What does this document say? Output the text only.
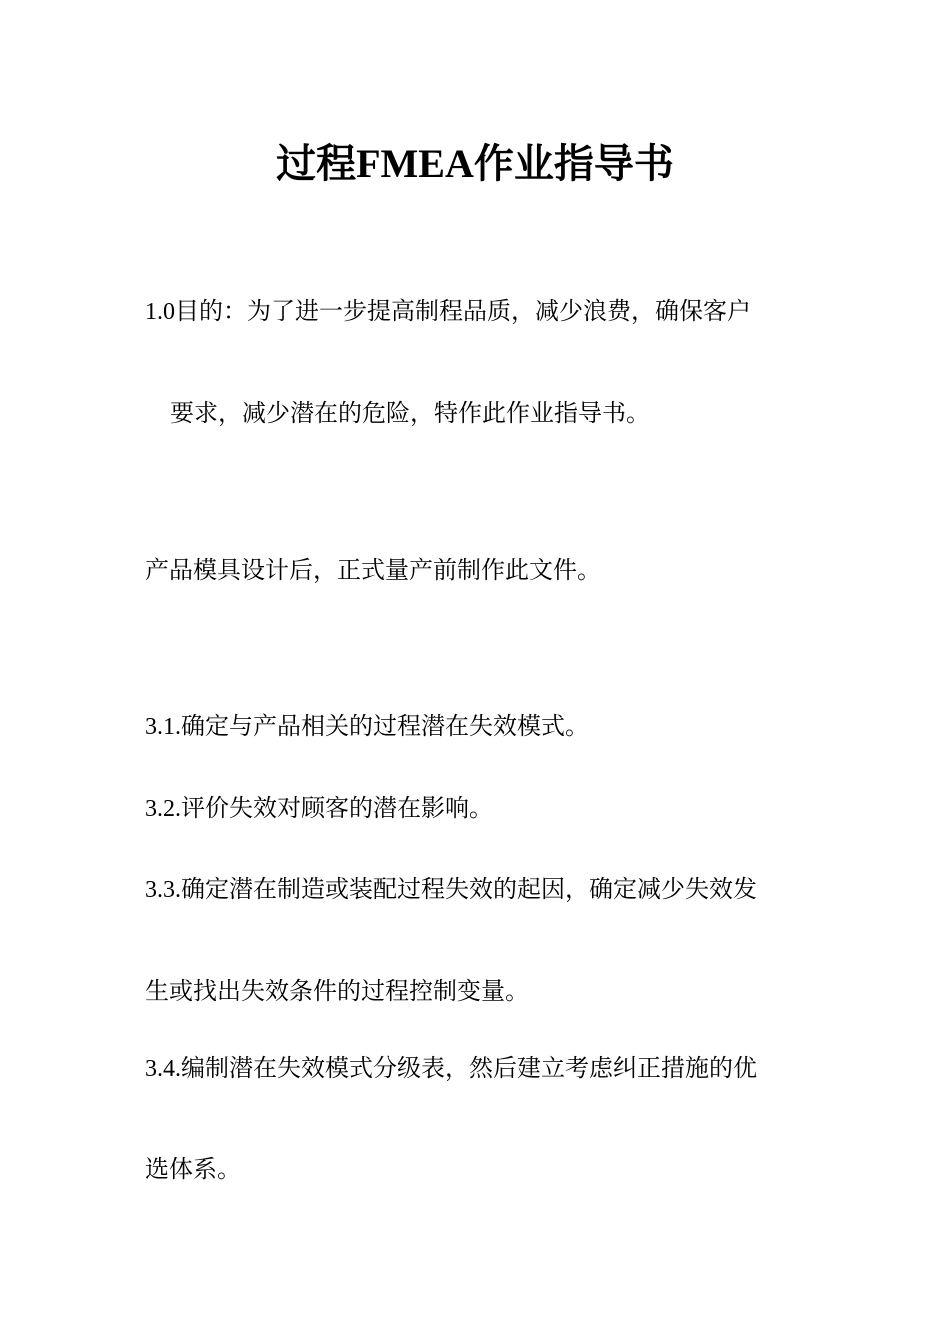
过程FMEA作业指导书
1.0目的：为了进一步提高制程品质，减少浪费，确保客户
要求，减少潜在的危险，特作此作业指导书。
产品模具设计后，正式量产前制作此文件。
3.1.确定与产品相关的过程潜在失效模式。
3.2.评价失效对顾客的潜在影响。
3.3.确定潜在制造或装配过程失效的起因，确定减少失效发
生或找出失效条件的过程控制变量。
3.4.编制潜在失效模式分级表，然后建立考虑纠正措施的优
选体系。
